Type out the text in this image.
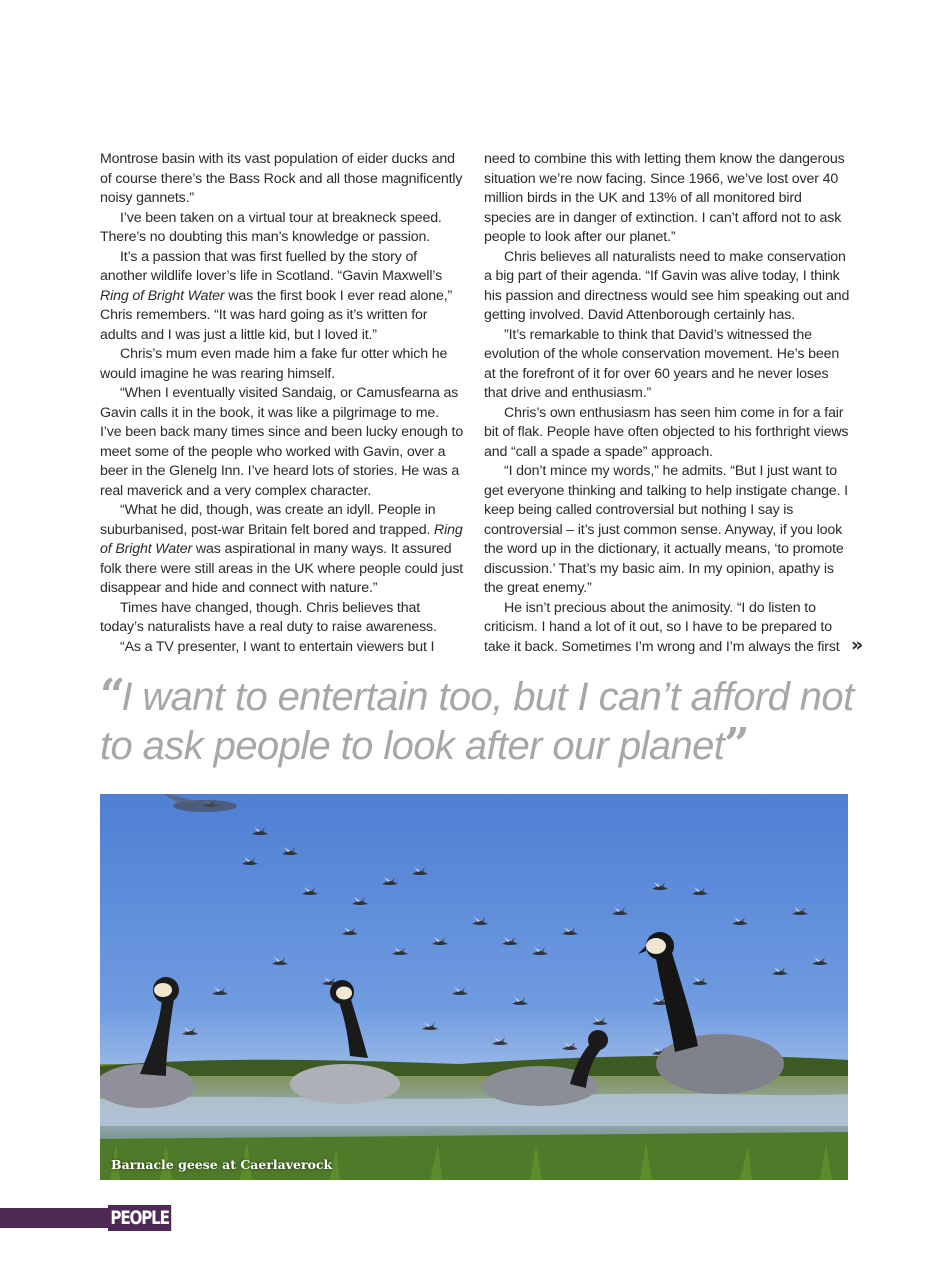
Montrose basin with its vast population of eider ducks and of course there’s the Bass Rock and all those magnificently noisy gannets.”

I’ve been taken on a virtual tour at breakneck speed. There’s no doubting this man’s knowledge or passion.

It’s a passion that was first fuelled by the story of another wildlife lover’s life in Scotland. “Gavin Maxwell’s Ring of Bright Water was the first book I ever read alone,” Chris remembers. “It was hard going as it’s written for adults and I was just a little kid, but I loved it.”

Chris’s mum even made him a fake fur otter which he would imagine he was rearing himself.

“When I eventually visited Sandaig, or Camusfearna as Gavin calls it in the book, it was like a pilgrimage to me. I’ve been back many times since and been lucky enough to meet some of the people who worked with Gavin, over a beer in the Glenelg Inn. I’ve heard lots of stories. He was a real maverick and a very complex character.

“What he did, though, was create an idyll. People in suburbanised, post-war Britain felt bored and trapped. Ring of Bright Water was aspirational in many ways. It assured folk there were still areas in the UK where people could just disappear and hide and connect with nature.”

Times have changed, though. Chris believes that today’s naturalists have a real duty to raise awareness.

“As a TV presenter, I want to entertain viewers but I

need to combine this with letting them know the dangerous situation we’re now facing. Since 1966, we’ve lost over 40 million birds in the UK and 13% of all monitored bird species are in danger of extinction. I can’t afford not to ask people to look after our planet.”

Chris believes all naturalists need to make conservation a big part of their agenda. “If Gavin was alive today, I think his passion and directness would see him speaking out and getting involved. David Attenborough certainly has.

”It’s remarkable to think that David’s witnessed the evolution of the whole conservation movement. He’s been at the forefront of it for over 60 years and he never loses that drive and enthusiasm.”

Chris’s own enthusiasm has seen him come in for a fair bit of flak. People have often objected to his forthright views and “call a spade a spade” approach.

“I don’t mince my words,” he admits. “But I just want to get everyone thinking and talking to help instigate change. I keep being called controversial but nothing I say is controversial – it’s just common sense. Anyway, if you look the word up in the dictionary, it actually means, ‘to promote discussion.’ That’s my basic aim. In my opinion, apathy is the great enemy.”

He isn’t precious about the animosity. “I do listen to criticism. I hand a lot of it out, so I have to be prepared to take it back. Sometimes I’m wrong and I’m always the first »

“I want to entertain too, but I can’t afford not to ask people to look after our planet”

Barnacle geese at Caerlaverock
PEOPLE
